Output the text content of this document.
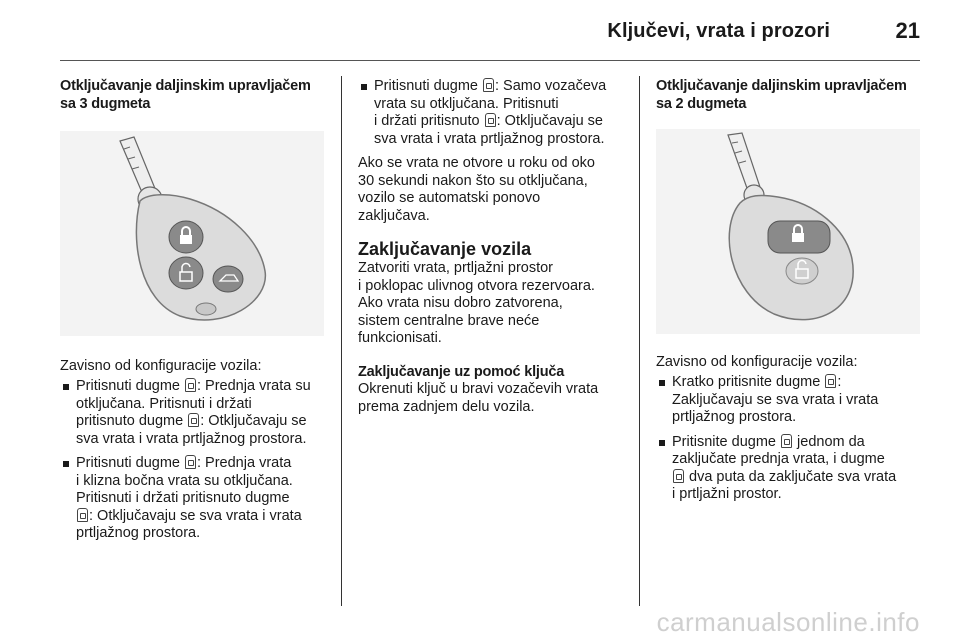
Ključevi, vrata i prozori	21
Otključavanje daljinskim upravljačem
sa 3 dugmeta

Zavisno od konfiguracije vozila:

Pritisnuti dugme : Prednja vrata su
otključana. Pritisnuti i držati
pritisnuto dugme : Otključavaju se
sva vrata i vrata prtljažnog prostora.
Pritisnuti dugme : Prednja vrata
i klizna bočna vrata su otključana.
Pritisnuti i držati pritisnuto dugme
: Otključavaju se sva vrata i vrata
prtljažnog prostora.
Pritisnuti dugme : Samo vozačeva
vrata su otključana. Pritisnuti
i držati pritisnuto : Otključavaju se
sva vrata i vrata prtljažnog prostora.

Ako se vrata ne otvore u roku od oko
30 sekundi nakon što su otključana,
vozilo se automatski ponovo
zaključava.

Zaključavanje vozila

Zatvoriti vrata, prtljažni prostor
i poklopac ulivnog otvora rezervoara.
Ako vrata nisu dobro zatvorena,
sistem centralne brave neće
funkcionisati.

Zaključavanje uz pomoć ključa

Okrenuti ključ u bravi vozačevih vrata
prema zadnjem delu vozila.

Otključavanje daljinskim upravljačem
sa 2 dugmeta

Zavisno od konfiguracije vozila:

Kratko pritisnite dugme :
Zaključavaju se sva vrata i vrata
prtljažnog prostora.
Pritisnite dugme  jednom da
zaključate prednja vrata, i dugme
dva puta da zaključate sva vrata
i prtljažni prostor.
carmanualsonline.info
